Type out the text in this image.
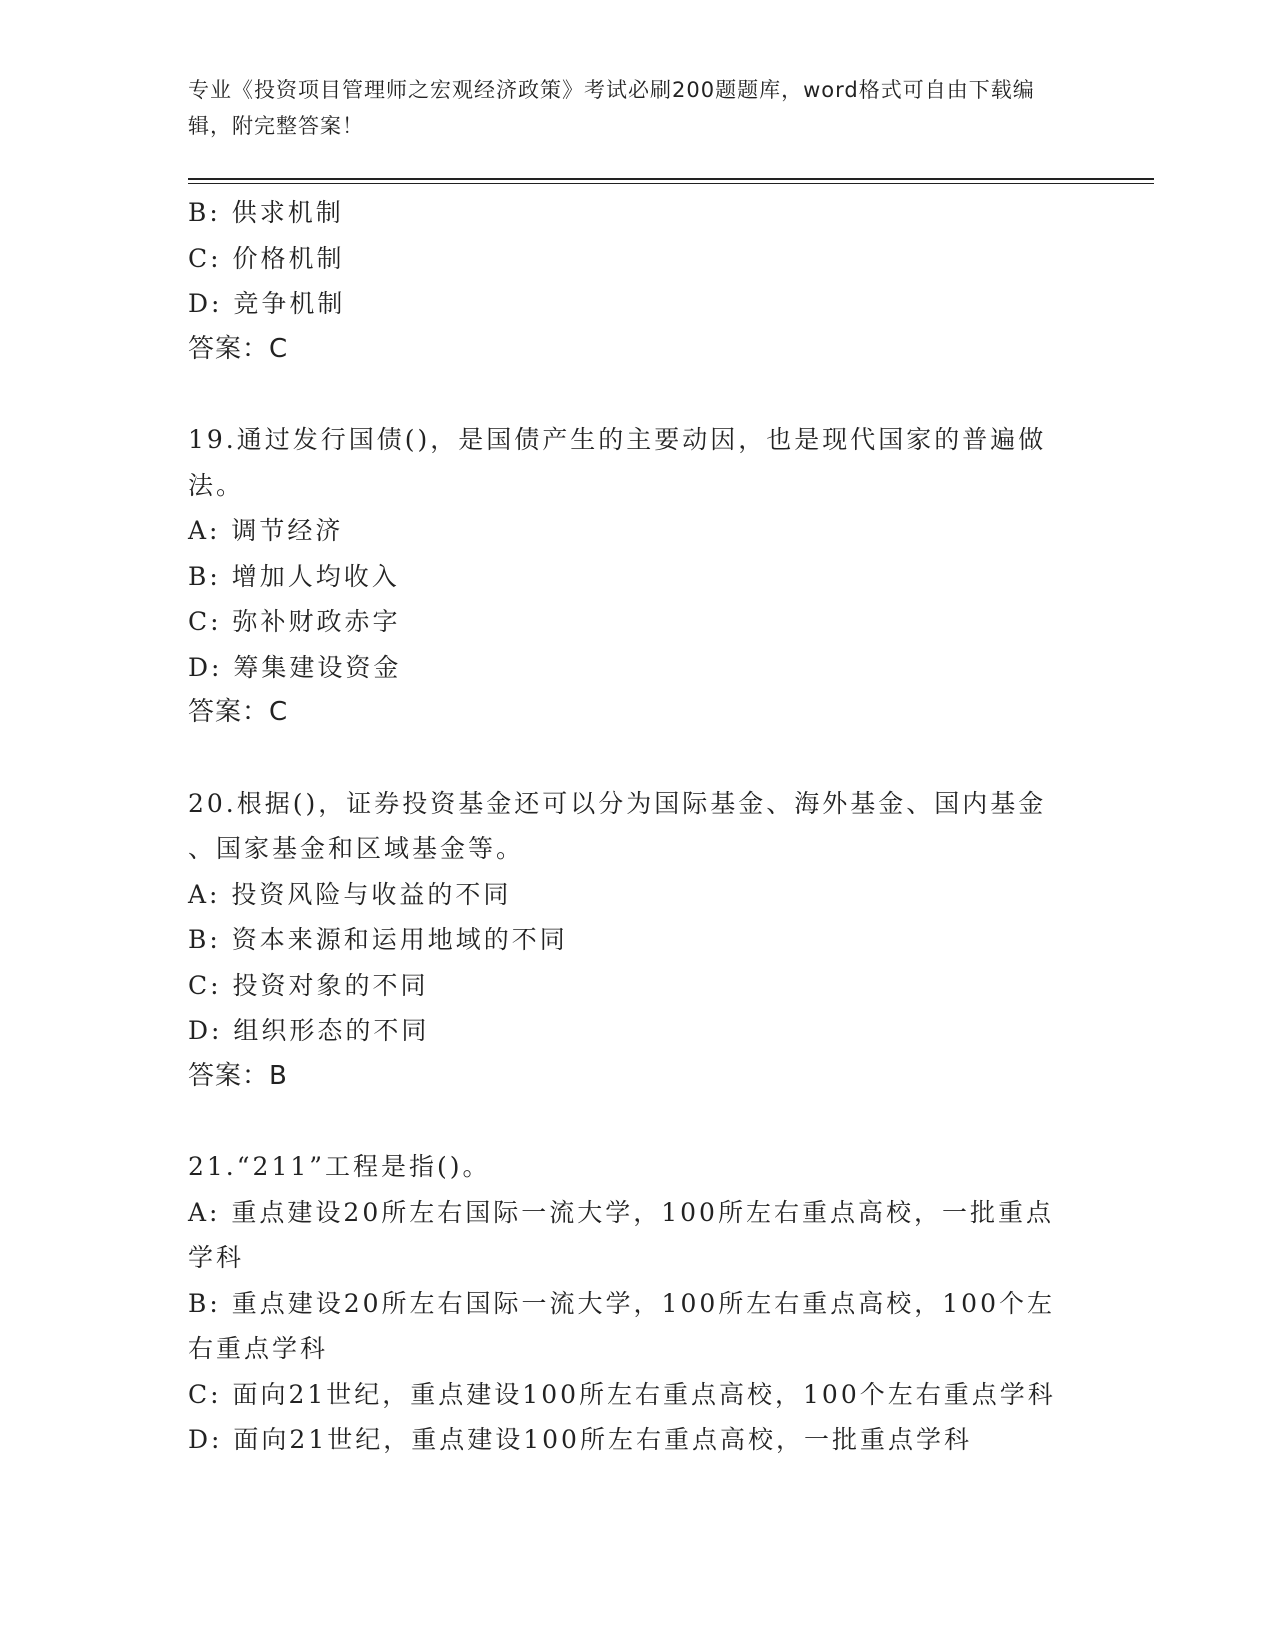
专业《投资项目管理师之宏观经济政策》考试必刷200题题库，word格式可自由下载编辑，附完整答案！
B: 供求机制
C: 价格机制
D: 竞争机制
答案：C
19.通过发行国债()，是国债产生的主要动因，也是现代国家的普遍做
法。
A: 调节经济
B: 增加人均收入
C: 弥补财政赤字
D: 筹集建设资金
答案：C
20.根据()，证券投资基金还可以分为国际基金、海外基金、国内基金
、国家基金和区域基金等。
A: 投资风险与收益的不同
B: 资本来源和运用地域的不同
C: 投资对象的不同
D: 组织形态的不同
答案：B
21.“211”工程是指()。
A: 重点建设20所左右国际一流大学，100所左右重点高校，一批重点
学科
B: 重点建设20所左右国际一流大学，100所左右重点高校，100个左
右重点学科
C: 面向21世纪，重点建设100所左右重点高校，100个左右重点学科
D: 面向21世纪，重点建设100所左右重点高校，一批重点学科
